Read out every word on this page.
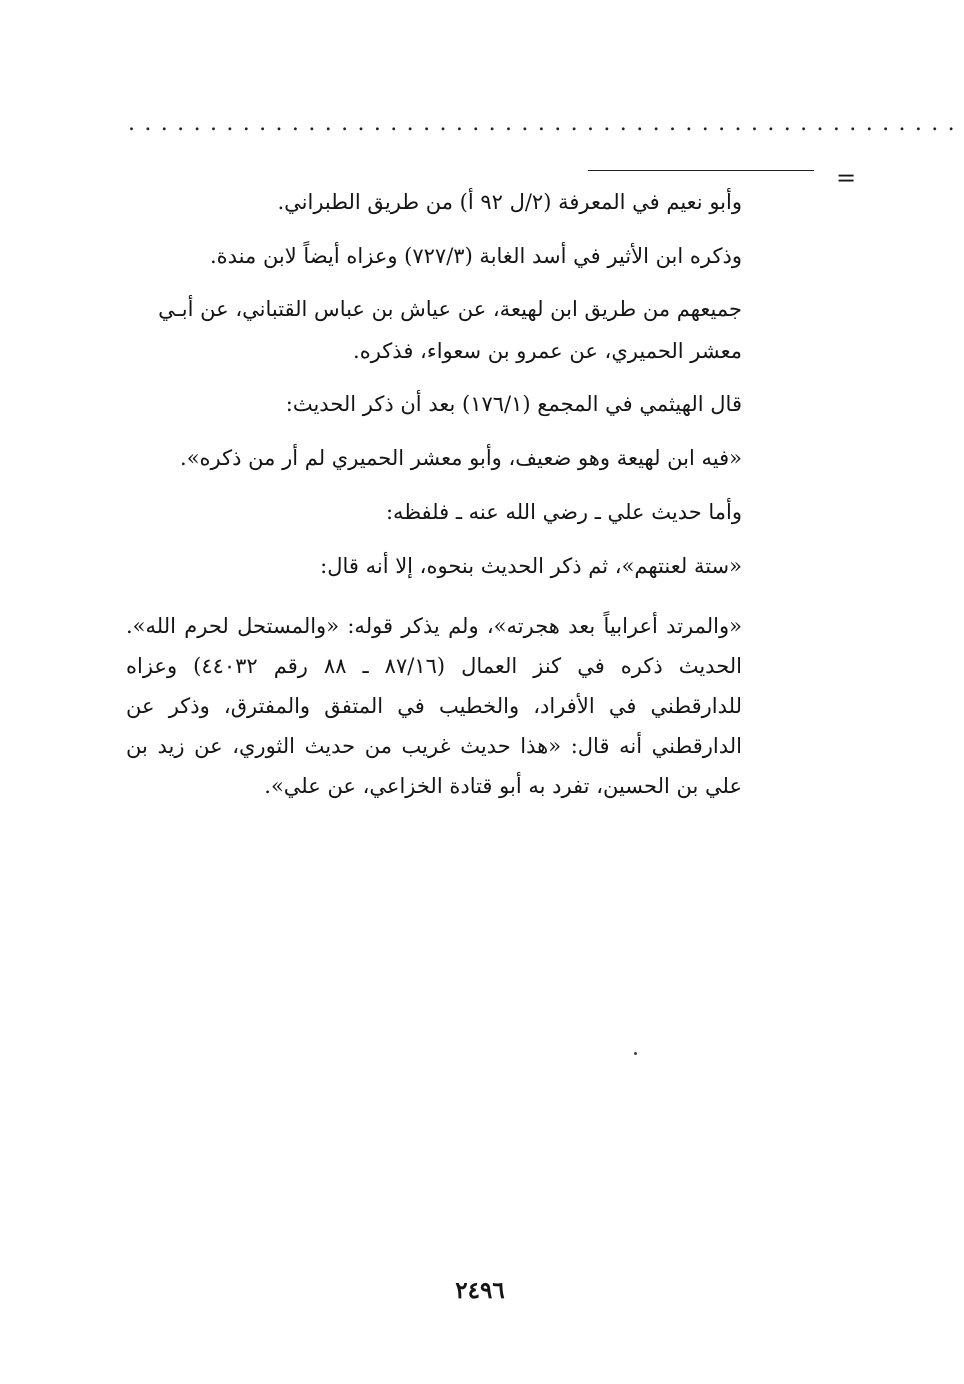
...................................................
=

وأبو نعيم في المعرفة (٢/ل ٩٢ أ) من طريق الطبراني.

وذكره ابن الأثير في أسد الغابة (٧٢٧/٣) وعزاه أيضاً لابن مندة.

جميعهم من طريق ابن لهيعة، عن عياش بن عباس القتباني، عن أبـي معشر الحميري، عن عمرو بن سعواء، فذكره.

قال الهيثمي في المجمع (١٧٦/١) بعد أن ذكر الحديث:

«فيه ابن لهيعة وهو ضعيف، وأبو معشر الحميري لم أر من ذكره».

وأما حديث علي ـ رضي الله عنه ـ فلفظه:

«ستة لعنتهم»، ثم ذكر الحديث بنحوه، إلا أنه قال:

«والمرتد أعرابياً بعد هجرته»، ولم يذكر قوله: «والمستحل لحرم الله». الحديث ذكره في كنز العمال (٨٧/١٦ ـ ٨٨ رقم ٤٤٠٣٢) وعزاه للدارقطني في الأفراد، والخطيب في المتفق والمفترق، وذكر عن الدارقطني أنه قال: «هذا حديث غريب من حديث الثوري، عن زيد بن علي بن الحسين، تفرد به أبو قتادة الخزاعي، عن علي».

٢٤٩٦
